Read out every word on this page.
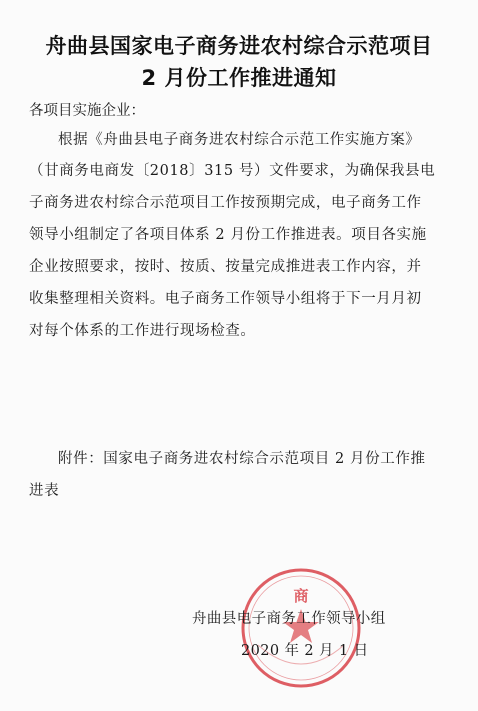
舟曲县国家电子商务进农村综合示范项目
2 月份工作推进通知
各项目实施企业：
根据《舟曲县电子商务进农村综合示范工作实施方案》
（甘商务电商发〔2018〕315 号）文件要求，为确保我县电
子商务进农村综合示范项目工作按预期完成，电子商务工作
领导小组制定了各项目体系 2 月份工作推进表。项目各实施
企业按照要求，按时、按质、按量完成推进表工作内容，并
收集整理相关资料。电子商务工作领导小组将于下一月月初
对每个体系的工作进行现场检查。
附件：国家电子商务进农村综合示范项目 2 月份工作推
进表
商
舟曲县电子商务工作领导小组
2020 年 2 月 1 日
